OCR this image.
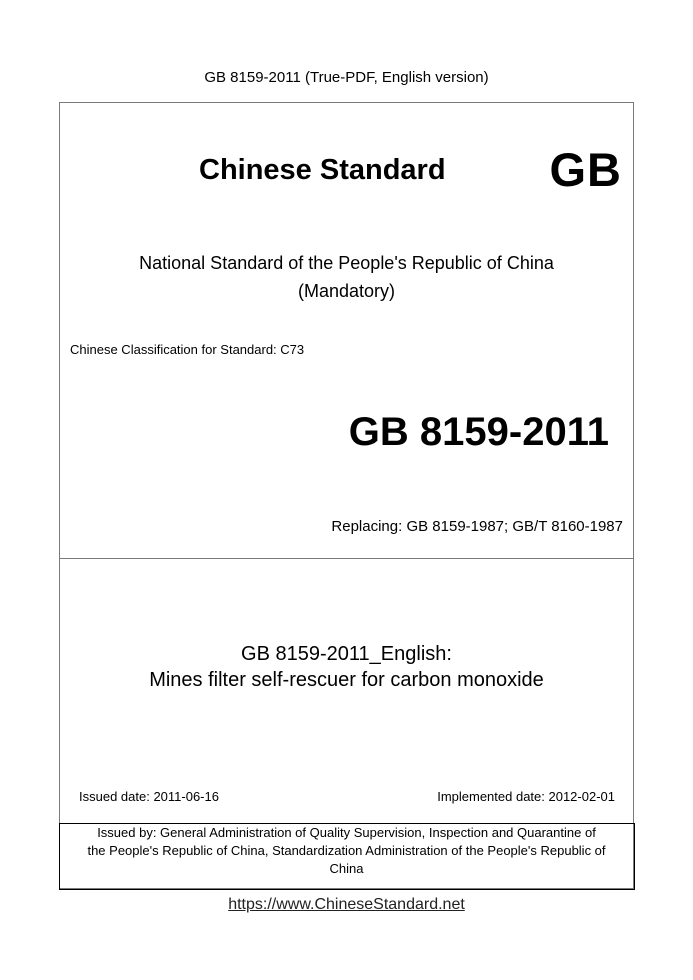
GB 8159-2011 (True-PDF, English version)
Chinese Standard GB
National Standard of the People's Republic of China
(Mandatory)
Chinese Classification for Standard: C73
GB 8159-2011
Replacing: GB 8159-1987; GB/T 8160-1987
GB 8159-2011_English:
Mines filter self-rescuer for carbon monoxide
Issued date: 2011-06-16	Implemented date: 2012-02-01
Issued by: General Administration of Quality Supervision, Inspection and Quarantine of
the People's Republic of China, Standardization Administration of the People's Republic of
China
https://www.ChineseStandard.net
